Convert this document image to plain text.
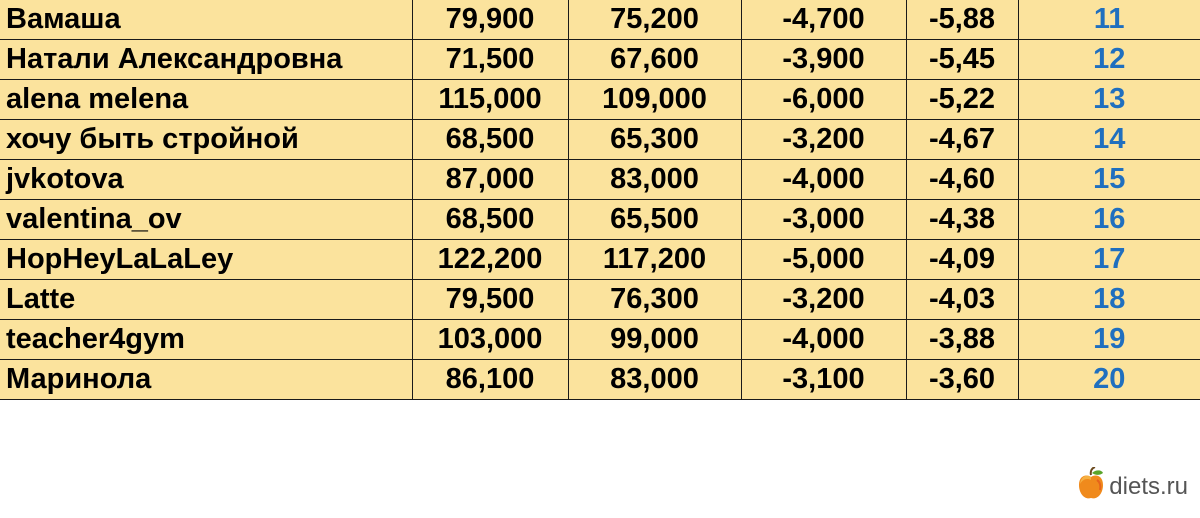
Вамаша	79,900	75,200	-4,700	-5,88	11
Натали Александровна	71,500	67,600	-3,900	-5,45	12
alena melena	115,000	109,000	-6,000	-5,22	13
хочу быть стройной	68,500	65,300	-3,200	-4,67	14
jvkotova	87,000	83,000	-4,000	-4,60	15
valentina_ov	68,500	65,500	-3,000	-4,38	16
HopHeyLaLaLey	122,200	117,200	-5,000	-4,09	17
Latte	79,500	76,300	-3,200	-4,03	18
teacher4gym	103,000	99,000	-4,000	-3,88	19
Маринола	86,100	83,000	-3,100	-3,60	20
diets.ru
